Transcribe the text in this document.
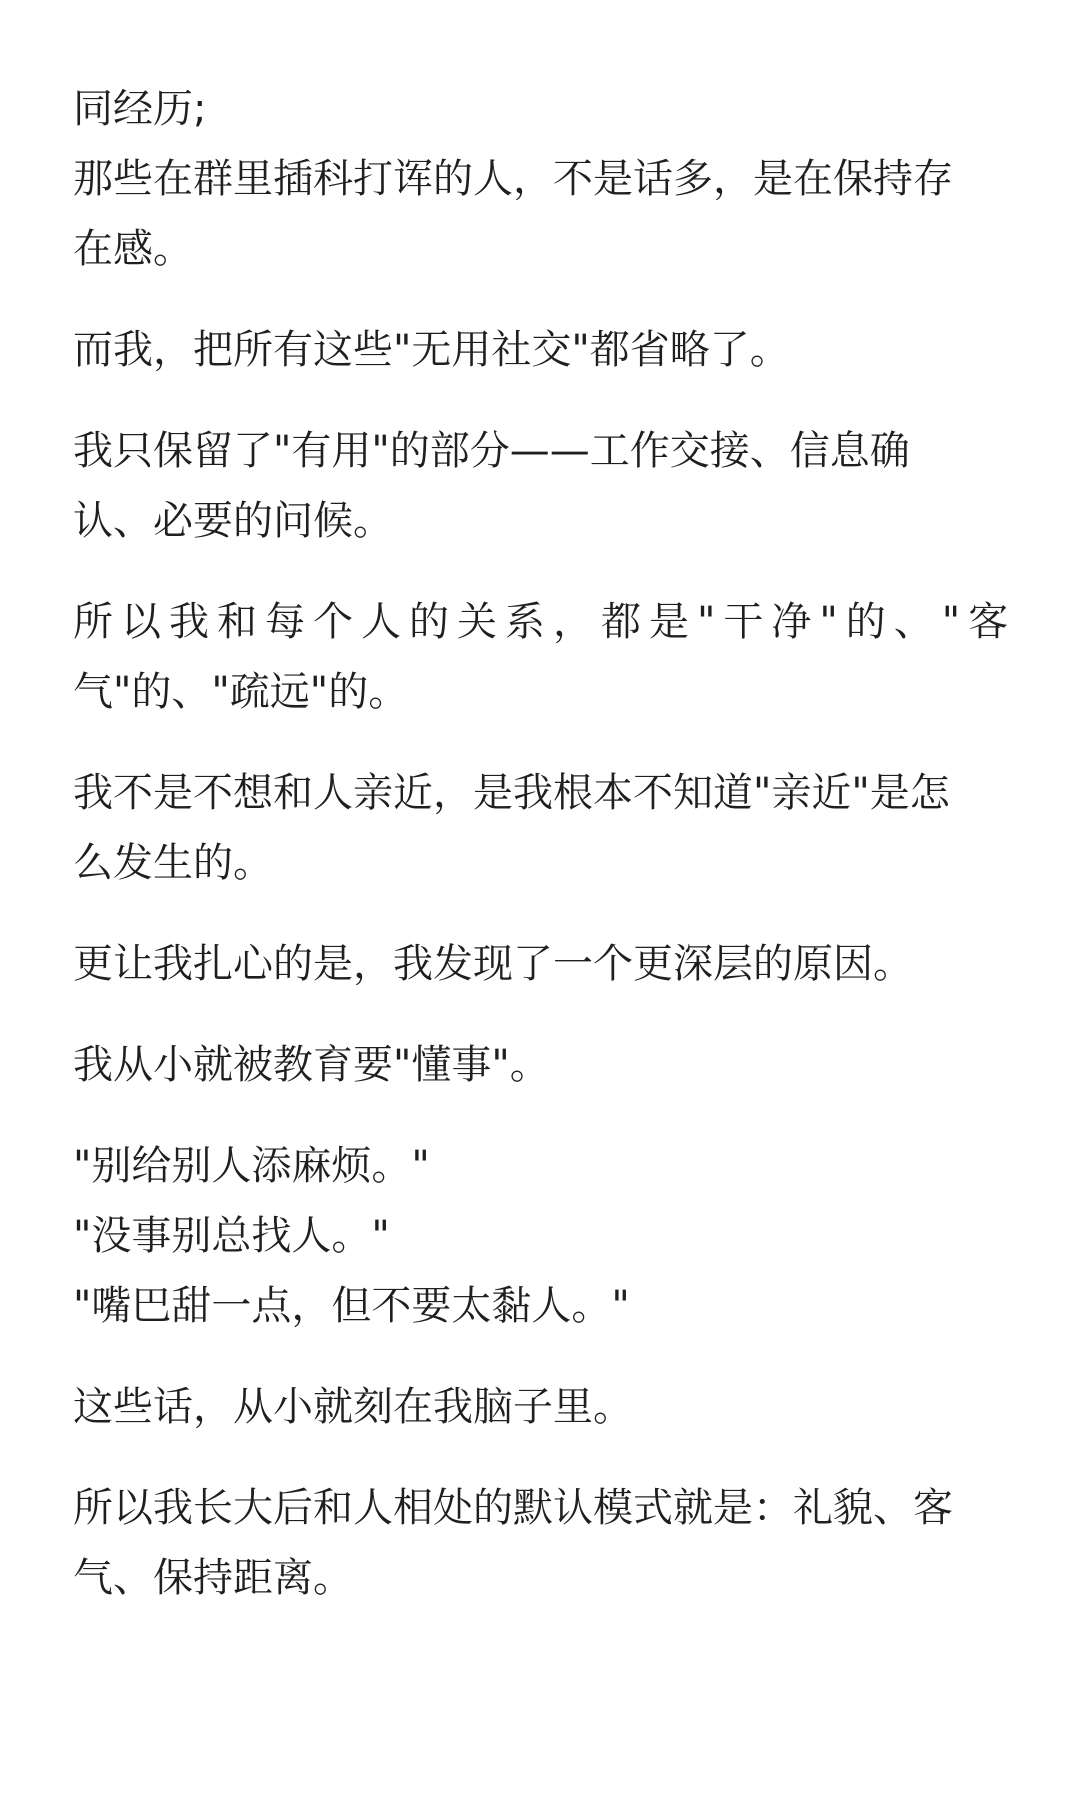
同经历;

那些在群里插科打诨的人，不是话多，是在保持存
在感。

而我，把所有这些"无用社交"都省略了。

我只保留了"有用"的部分——工作交接、信息确
认、必要的问候。

所以我和每个人的关系，都是"干净"的、"客
气"的、"疏远"的。

我不是不想和人亲近，是我根本不知道"亲近"是怎
么发生的。

更让我扎心的是，我发现了一个更深层的原因。

我从小就被教育要"懂事"。

"别给别人添麻烦。"
"没事别总找人。"
"嘴巴甜一点，但不要太黏人。"

这些话，从小就刻在我脑子里。

所以我长大后和人相处的默认模式就是：礼貌、客
气、保持距离。
